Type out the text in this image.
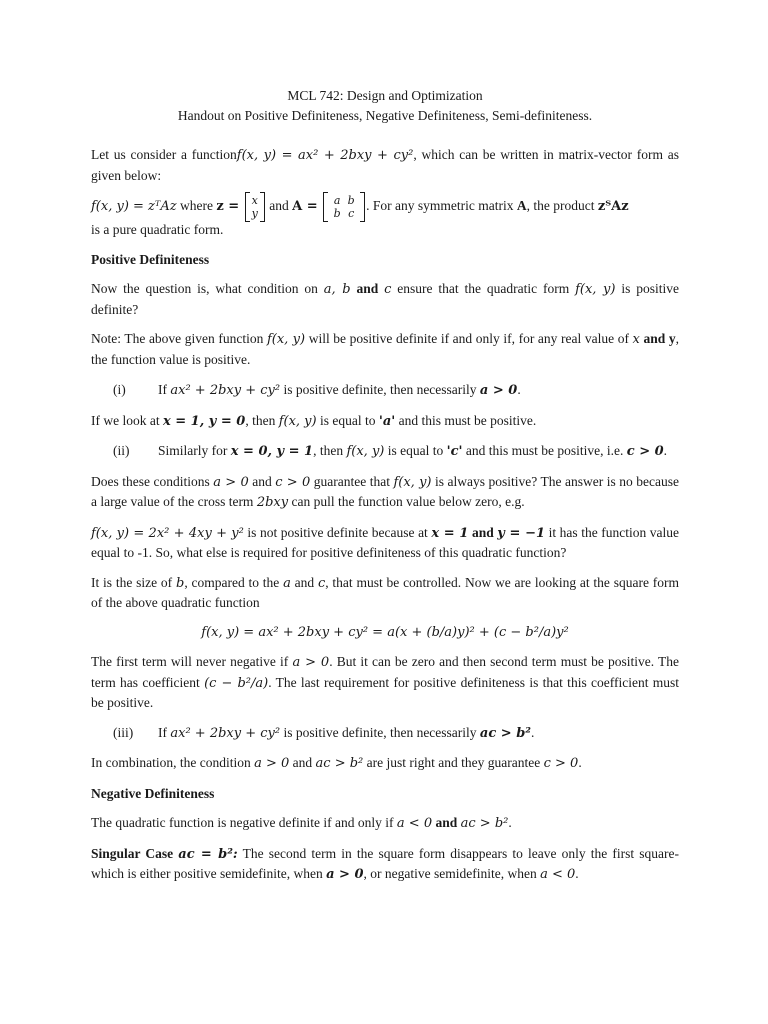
MCL 742: Design and Optimization
Handout on Positive Definiteness, Negative Definiteness, Semi-definiteness.

Let us consider a functionf(x, y) = ax² + 2bxy + cy², which can be written in matrix-vector form as given below:

f(x, y) = zᵀAz where z = x
y
and A =	a b
b c
. For any symmetric matrix A, the product zᵀAz

is a pure quadratic form.

Positive Definiteness

Now the question is, what condition on a, b and c ensure that the quadratic form f(x, y) is positive definite?

Note: The above given function f(x, y) will be positive definite if and only if, for any real value of x and y, the function value is positive.

(i) If ax² + 2bxy + cy² is positive definite, then necessarily a > 0.

If we look at x = 1, y = 0, then f(x, y) is equal to 'a' and this must be positive.

(ii) Similarly for x = 0, y = 1, then f(x, y) is equal to 'c' and this must be positive, i.e. c > 0.

Does these conditions a > 0 and c > 0 guarantee that f(x, y) is always positive? The answer is no because a large value of the cross term 2bxy can pull the function value below zero, e.g.

f(x, y) = 2x² + 4xy + y² is not positive definite because at x = 1 and y = −1 it has the function value equal to -1. So, what else is required for positive definiteness of this quadratic function?

It is the size of b, compared to the a and c, that must be controlled. Now we are looking at the square form of the above quadratic function

f(x, y) = ax² + 2bxy + cy² = a(x + (b/a)y)² + (c − b²/a)y²

The first term will never negative if a > 0. But it can be zero and then second term must be positive. The term has coefficient (c − b²/a). The last requirement for positive definiteness is that this coefficient must be positive.

(iii) If ax² + 2bxy + cy² is positive definite, then necessarily ac > b².

In combination, the condition a > 0 and ac > b² are just right and they guarantee c > 0.

Negative Definiteness

The quadratic function is negative definite if and only if a < 0 and ac > b².

Singular Case ac = b²: The second term in the square form disappears to leave only the first square- which is either positive semidefinite, when a > 0, or negative semidefinite, when a < 0.
